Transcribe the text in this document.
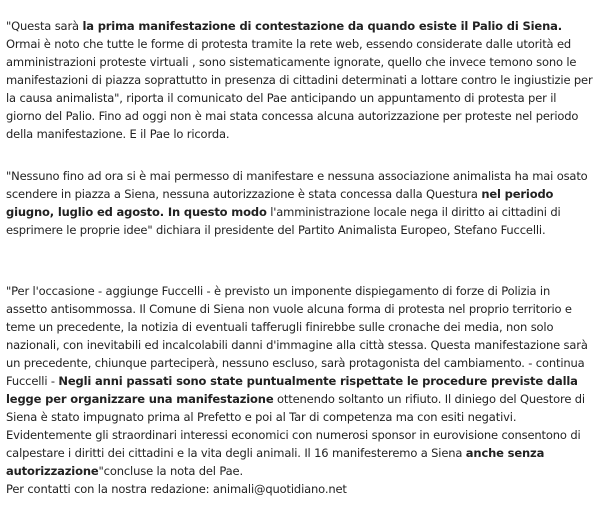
"Questa sarà la prima manifestazione di contestazione da quando esiste il Palio di Siena. Ormai è noto che tutte le forme di protesta tramite la rete web, essendo considerate dalle utorità ed amministrazioni proteste virtuali , sono sistematicamente ignorate, quello che invece temono sono le manifestazioni di piazza soprattutto in presenza di cittadini determinati a lottare contro le ingiustizie per la causa animalista", riporta il comunicato del Pae anticipando un appuntamento di protesta per il giorno del Palio. Fino ad oggi non è mai stata concessa alcuna autorizzazione per proteste nel periodo della manifestazione. E il Pae lo ricorda.

"Nessuno fino ad ora si è mai permesso di manifestare e nessuna associazione animalista ha mai osato scendere in piazza a Siena, nessuna autorizzazione è stata concessa dalla Questura nel periodo giugno, luglio ed agosto. In questo modo l'amministrazione locale nega il diritto ai cittadini di esprimere le proprie idee" dichiara il presidente del Partito Animalista Europeo, Stefano Fuccelli.

"Per l'occasione - aggiunge Fuccelli - è previsto un imponente dispiegamento di forze di Polizia in assetto antisommossa. Il Comune di Siena non vuole alcuna forma di protesta nel proprio territorio e teme un precedente, la notizia di eventuali tafferugli finirebbe sulle cronache dei media, non solo nazionali, con inevitabili ed incalcolabili danni d'immagine alla città stessa. Questa manifestazione sarà un precedente, chiunque parteciperà, nessuno escluso, sarà protagonista del cambiamento. - continua Fuccelli - Negli anni passati sono state puntualmente rispettate le procedure previste dalla legge per organizzare una manifestazione ottenendo soltanto un rifiuto. Il diniego del Questore di Siena è stato impugnato prima al Prefetto e poi al Tar di competenza ma con esiti negativi. Evidentemente gli straordinari interessi economici con numerosi sponsor in eurovisione consentono di calpestare i diritti dei cittadini e la vita degli animali. Il 16 manifesteremo a Siena anche senza autorizzazione"concluse la nota del Pae.

Per contatti con la nostra redazione: animali@quotidiano.net
